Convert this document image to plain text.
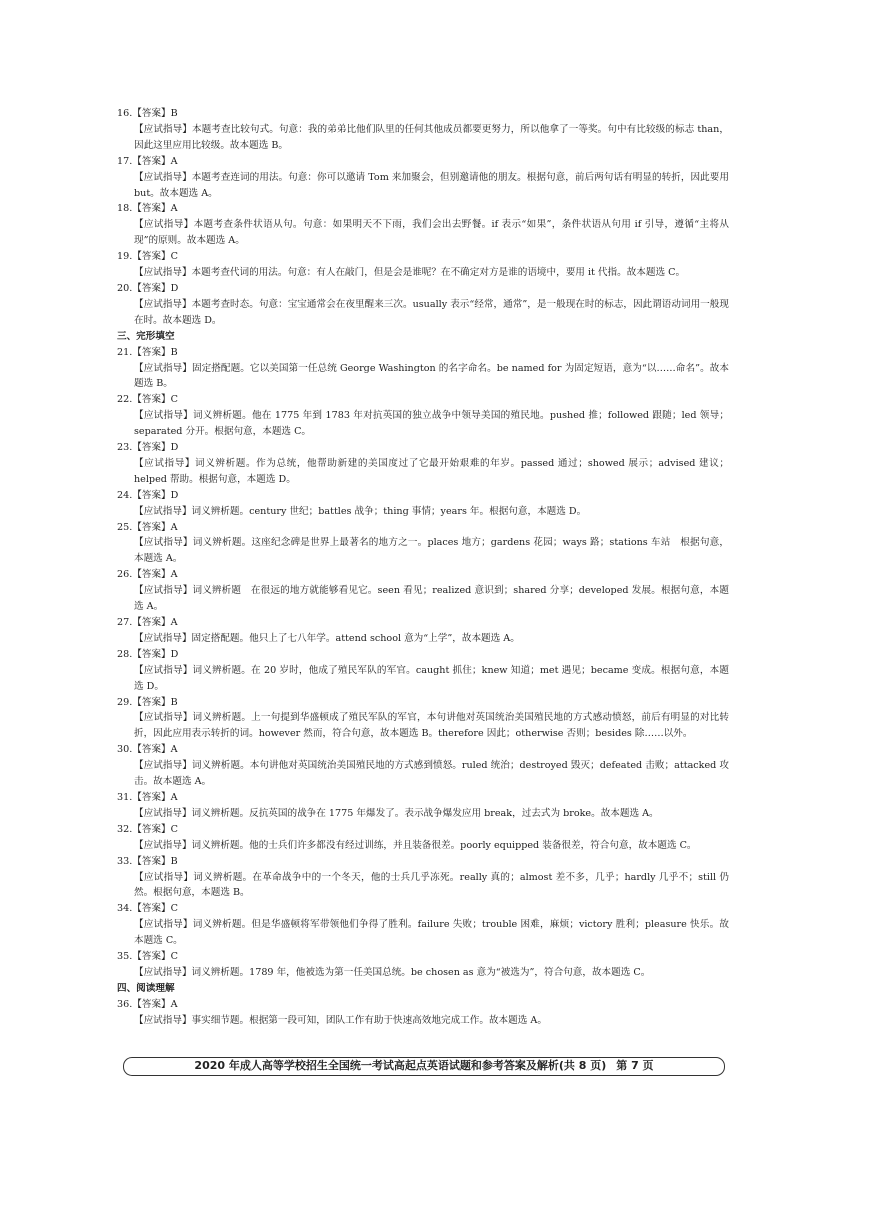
16.【答案】B
【应试指导】本题考查比较句式。句意：我的弟弟比他们队里的任何其他成员都要更努力，所以他拿了一等奖。句中有比较级的标志 than，因此这里应用比较级。故本题选 B。
17.【答案】A
【应试指导】本题考查连词的用法。句意：你可以邀请 Tom 来加聚会，但别邀请他的朋友。根据句意，前后两句话有明显的转折，因此要用 but。故本题选 A。
18.【答案】A
【应试指导】本题考查条件状语从句。句意：如果明天不下雨，我们会出去野餐。if 表示“如果”，条件状语从句用 if 引导，遵循“主将从现”的原则。故本题选 A。
19.【答案】C
【应试指导】本题考查代词的用法。句意：有人在敲门，但是会是谁呢？在不确定对方是谁的语境中，要用 it 代指。故本题选 C。
20.【答案】D
【应试指导】本题考查时态。句意：宝宝通常会在夜里醒来三次。usually 表示“经常，通常”，是一般现在时的标志，因此谓语动词用一般现在时。故本题选 D。
三、完形填空
21.【答案】B
【应试指导】固定搭配题。它以美国第一任总统 George Washington 的名字命名。be named for 为固定短语，意为“以……命名”。故本题选 B。
22.【答案】C
【应试指导】词义辨析题。他在 1775 年到 1783 年对抗英国的独立战争中领导美国的殖民地。pushed 推；followed 跟随；led 领导；separated 分开。根据句意，本题选 C。
23.【答案】D
【应试指导】词义辨析题。作为总统，他帮助新建的美国度过了它最开始艰难的年岁。passed 通过；showed 展示；advised 建议；helped 帮助。根据句意，本题选 D。
24.【答案】D
【应试指导】词义辨析题。century 世纪；battles 战争；thing 事情；years 年。根据句意，本题选 D。
25.【答案】A
【应试指导】词义辨析题。这座纪念碑是世界上最著名的地方之一。places 地方；gardens 花园；ways 路；stations 车站　根据句意，本题选 A。
26.【答案】A
【应试指导】词义辨析题　在很远的地方就能够看见它。seen 看见；realized 意识到；shared 分享；developed 发展。根据句意，本题选 A。
27.【答案】A
【应试指导】固定搭配题。他只上了七八年学。attend school 意为“上学”，故本题选 A。
28.【答案】D
【应试指导】词义辨析题。在 20 岁时，他成了殖民军队的军官。caught 抓住；knew 知道；met 遇见；became 变成。根据句意，本题选 D。
29.【答案】B
【应试指导】词义辨析题。上一句提到华盛顿成了殖民军队的军官，本句讲他对英国统治美国殖民地的方式感动愤怒，前后有明显的对比转折，因此应用表示转折的词。however 然而，符合句意，故本题选 B。therefore 因此；otherwise 否则；besides 除……以外。
30.【答案】A
【应试指导】词义辨析题。本句讲他对英国统治美国殖民地的方式感到愤怒。ruled 统治；destroyed 毁灭；defeated 击败；attacked 攻击。故本题选 A。
31.【答案】A
【应试指导】词义辨析题。反抗英国的战争在 1775 年爆发了。表示战争爆发应用 break，过去式为 broke。故本题选 A。
32.【答案】C
【应试指导】词义辨析题。他的士兵们许多都没有经过训练，并且装备很差。poorly equipped 装备很差，符合句意，故本题选 C。
33.【答案】B
【应试指导】词义辨析题。在革命战争中的一个冬天，他的士兵几乎冻死。really 真的；almost 差不多，几乎；hardly 几乎不；still 仍然。根据句意，本题选 B。
34.【答案】C
【应试指导】词义辨析题。但是华盛顿将军带领他们争得了胜利。failure 失败；trouble 困难，麻烦；victory 胜利；pleasure 快乐。故本题选 C。
35.【答案】C
【应试指导】词义辨析题。1789 年，他被选为第一任美国总统。be chosen as 意为“被选为”，符合句意，故本题选 C。
四、阅读理解
36.【答案】A
【应试指导】事实细节题。根据第一段可知，团队工作有助于快速高效地完成工作。故本题选 A。
2020 年成人高等学校招生全国统一考试高起点英语试题和参考答案及解析(共 8 页) 第 7 页
